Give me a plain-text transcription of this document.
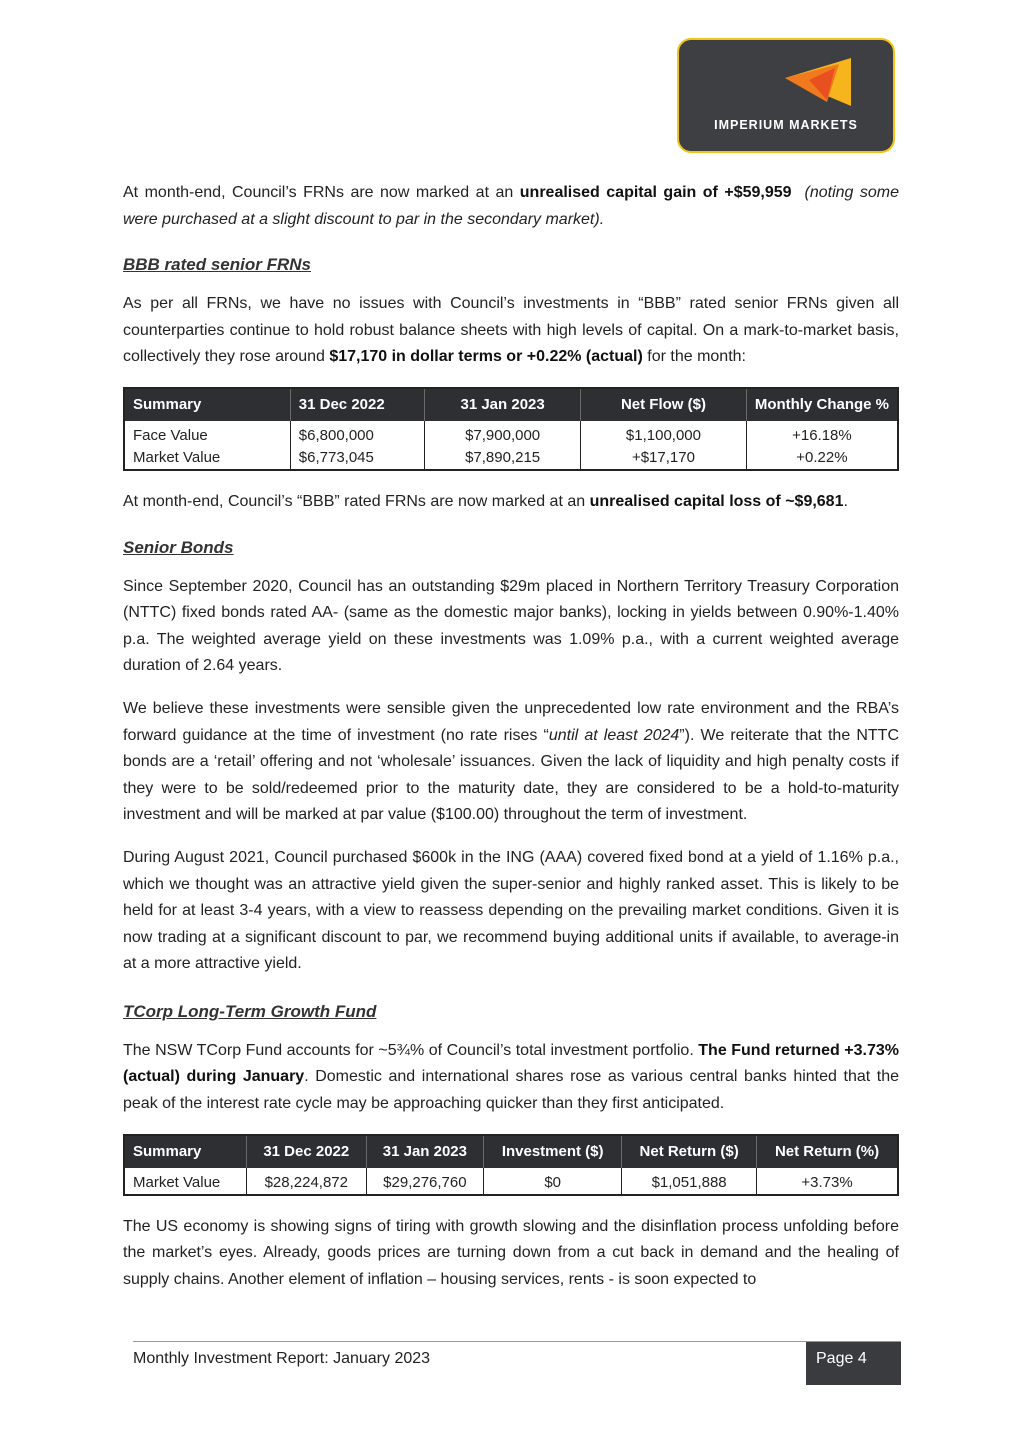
IMPERIUM MARKETS

At month-end, Council’s FRNs are now marked at an unrealised capital gain of +$59,959 (noting some were purchased at a slight discount to par in the secondary market).

BBB rated senior FRNs

As per all FRNs, we have no issues with Council’s investments in “BBB” rated senior FRNs given all counterparties continue to hold robust balance sheets with high levels of capital. On a mark-to-market basis, collectively they rose around $17,170 in dollar terms or +0.22% (actual) for the month:

Summary	31 Dec 2022	31 Jan 2023	Net Flow ($)	Monthly Change %
Face Value	$6,800,000	$7,900,000	$1,100,000	+16.18%
Market Value	$6,773,045	$7,890,215	+$17,170	+0.22%

At month-end, Council’s “BBB” rated FRNs are now marked at an unrealised capital loss of ~$9,681.

Senior Bonds

Since September 2020, Council has an outstanding $29m placed in Northern Territory Treasury Corporation (NTTC) fixed bonds rated AA- (same as the domestic major banks), locking in yields between 0.90%-1.40% p.a. The weighted average yield on these investments was 1.09% p.a., with a current weighted average duration of 2.64 years.

We believe these investments were sensible given the unprecedented low rate environment and the RBA’s forward guidance at the time of investment (no rate rises “until at least 2024”). We reiterate that the NTTC bonds are a ‘retail’ offering and not ‘wholesale’ issuances. Given the lack of liquidity and high penalty costs if they were to be sold/redeemed prior to the maturity date, they are considered to be a hold-to-maturity investment and will be marked at par value ($100.00) throughout the term of investment.

During August 2021, Council purchased $600k in the ING (AAA) covered fixed bond at a yield of 1.16% p.a., which we thought was an attractive yield given the super-senior and highly ranked asset. This is likely to be held for at least 3-4 years, with a view to reassess depending on the prevailing market conditions. Given it is now trading at a significant discount to par, we recommend buying additional units if available, to average-in at a more attractive yield.

TCorp Long-Term Growth Fund

The NSW TCorp Fund accounts for ~5¾% of Council’s total investment portfolio. The Fund returned +3.73% (actual) during January. Domestic and international shares rose as various central banks hinted that the peak of the interest rate cycle may be approaching quicker than they first anticipated.

Summary	31 Dec 2022	31 Jan 2023	Investment ($)	Net Return ($)	Net Return (%)
Market Value	$28,224,872	$29,276,760	$0	$1,051,888	+3.73%

The US economy is showing signs of tiring with growth slowing and the disinflation process unfolding before the market’s eyes. Already, goods prices are turning down from a cut back in demand and the healing of supply chains. Another element of inflation – housing services, rents - is soon expected to

Monthly Investment Report: January 2023	Page 4
